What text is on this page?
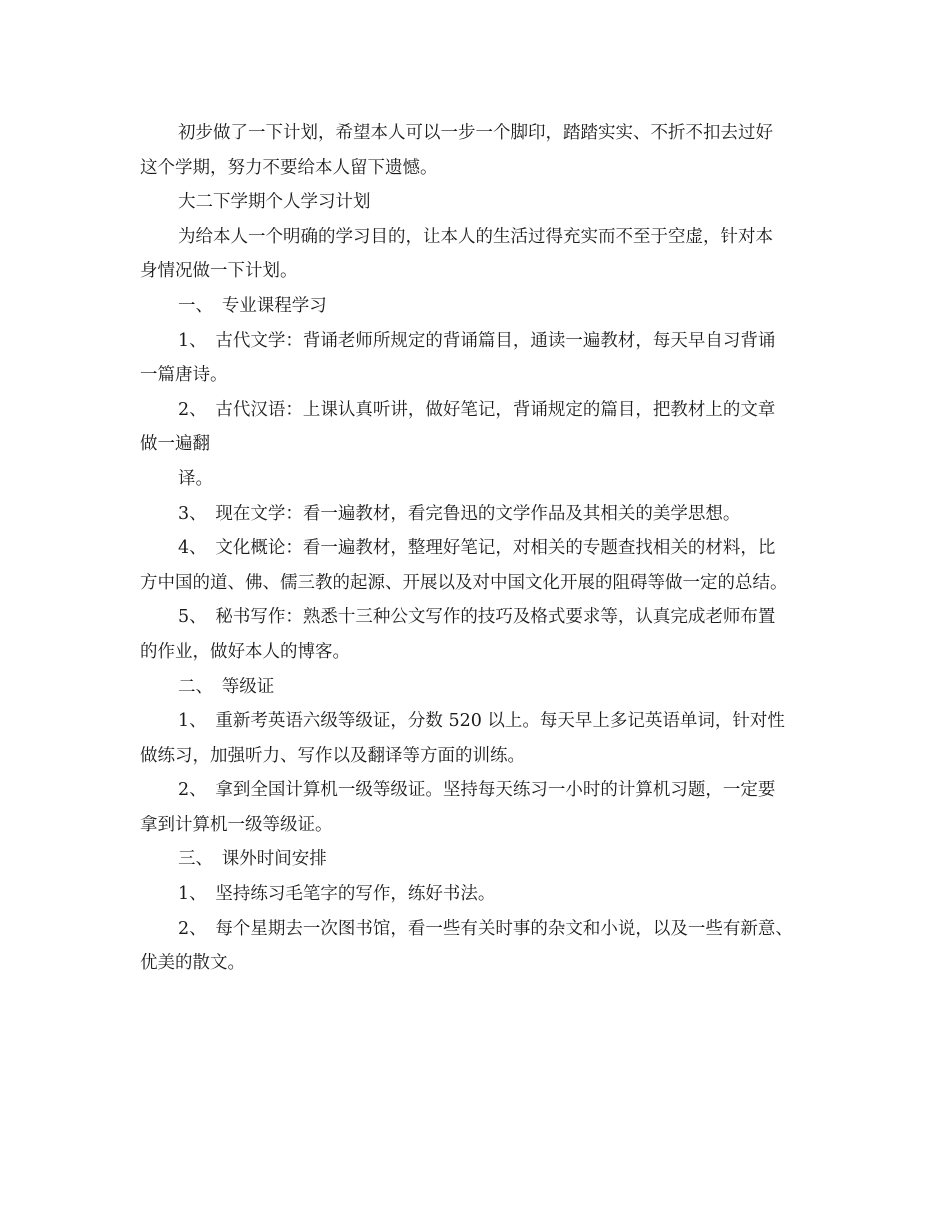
初步做了一下计划，希望本人可以一步一个脚印，踏踏实实、不折不扣去过好
这个学期，努力不要给本人留下遗憾。
大二下学期个人学习计划
为给本人一个明确的学习目的，让本人的生活过得充实而不至于空虚，针对本
身情况做一下计划。
一、　专业课程学习
1、　古代文学：背诵老师所规定的背诵篇目，通读一遍教材，每天早自习背诵
一篇唐诗。
2、　古代汉语：上课认真听讲，做好笔记，背诵规定的篇目，把教材上的文章
做一遍翻
译。
3、　现在文学：看一遍教材，看完鲁迅的文学作品及其相关的美学思想。
4、　文化概论：看一遍教材，整理好笔记，对相关的专题查找相关的材料，比
方中国的道、佛、儒三教的起源、开展以及对中国文化开展的阻碍等做一定的总结。
5、　秘书写作：熟悉十三种公文写作的技巧及格式要求等，认真完成老师布置
的作业，做好本人的博客。
二、　等级证
1、　重新考英语六级等级证，分数 520 以上。每天早上多记英语单词，针对性
做练习，加强听力、写作以及翻译等方面的训练。
2、　拿到全国计算机一级等级证。坚持每天练习一小时的计算机习题，一定要
拿到计算机一级等级证。
三、　课外时间安排
1、　坚持练习毛笔字的写作，练好书法。
2、　每个星期去一次图书馆，看一些有关时事的杂文和小说，以及一些有新意、
优美的散文。
